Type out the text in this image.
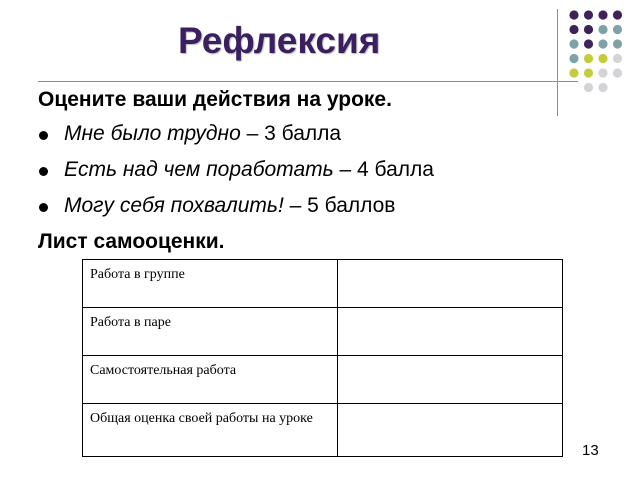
Рефлексия
Оцените ваши действия на уроке.
Мне было трудно – 3 балла
Есть над чем поработать – 4 балла
Могу себя похвалить! – 5 баллов
Лист самооценки.
Работа в группе	
Работа в паре	
Самостоятельная работа	
Общая оценка своей работы на уроке	
13
